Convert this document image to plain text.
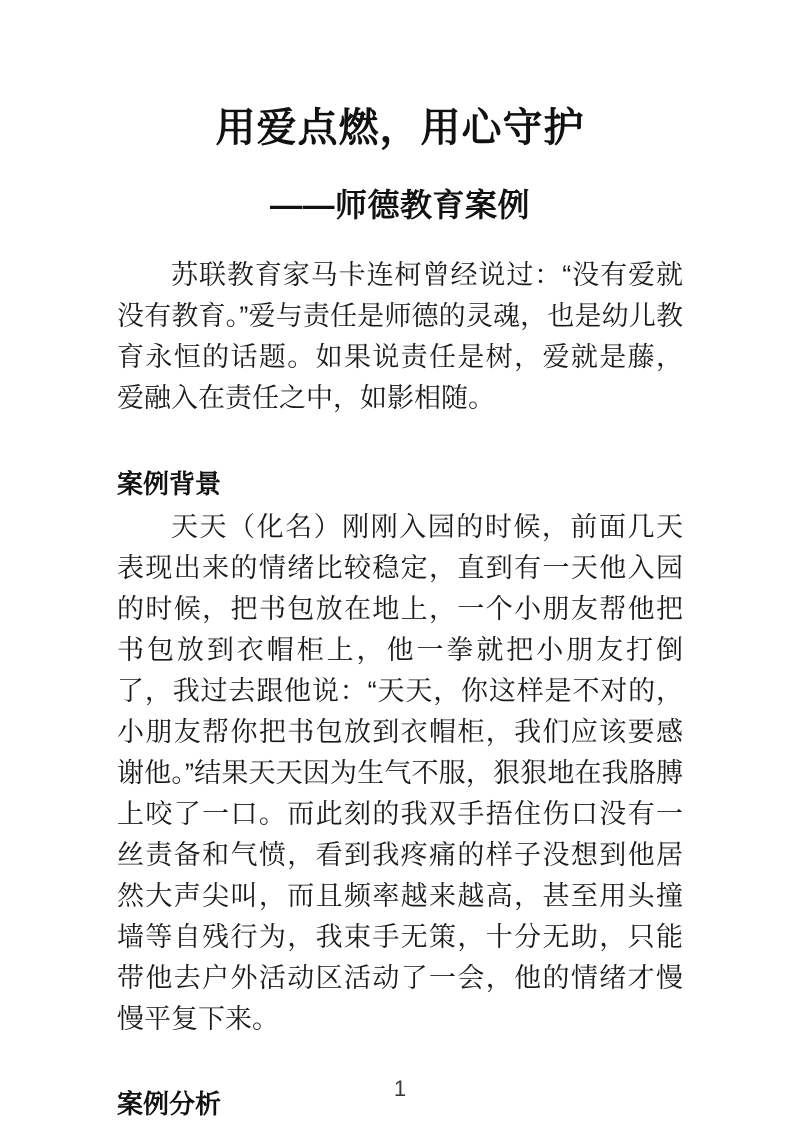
用爱点燃，用心守护
——师德教育案例

苏联教育家马卡连柯曾经说过：“没有爱就没有教育。”爱与责任是师德的灵魂，也是幼儿教育永恒的话题。如果说责任是树，爱就是藤，爱融入在责任之中，如影相随。

案例背景

天天（化名）刚刚入园的时候，前面几天表现出来的情绪比较稳定，直到有一天他入园的时候，把书包放在地上，一个小朋友帮他把书包放到衣帽柜上，他一拳就把小朋友打倒了，我过去跟他说：“天天，你这样是不对的，小朋友帮你把书包放到衣帽柜，我们应该要感谢他。”结果天天因为生气不服，狠狠地在我胳膊上咬了一口。而此刻的我双手捂住伤口没有一丝责备和气愤，看到我疼痛的样子没想到他居然大声尖叫，而且频率越来越高，甚至用头撞墙等自残行为，我束手无策，十分无助，只能带他去户外活动区活动了一会，他的情绪才慢慢平复下来。

案例分析
1
